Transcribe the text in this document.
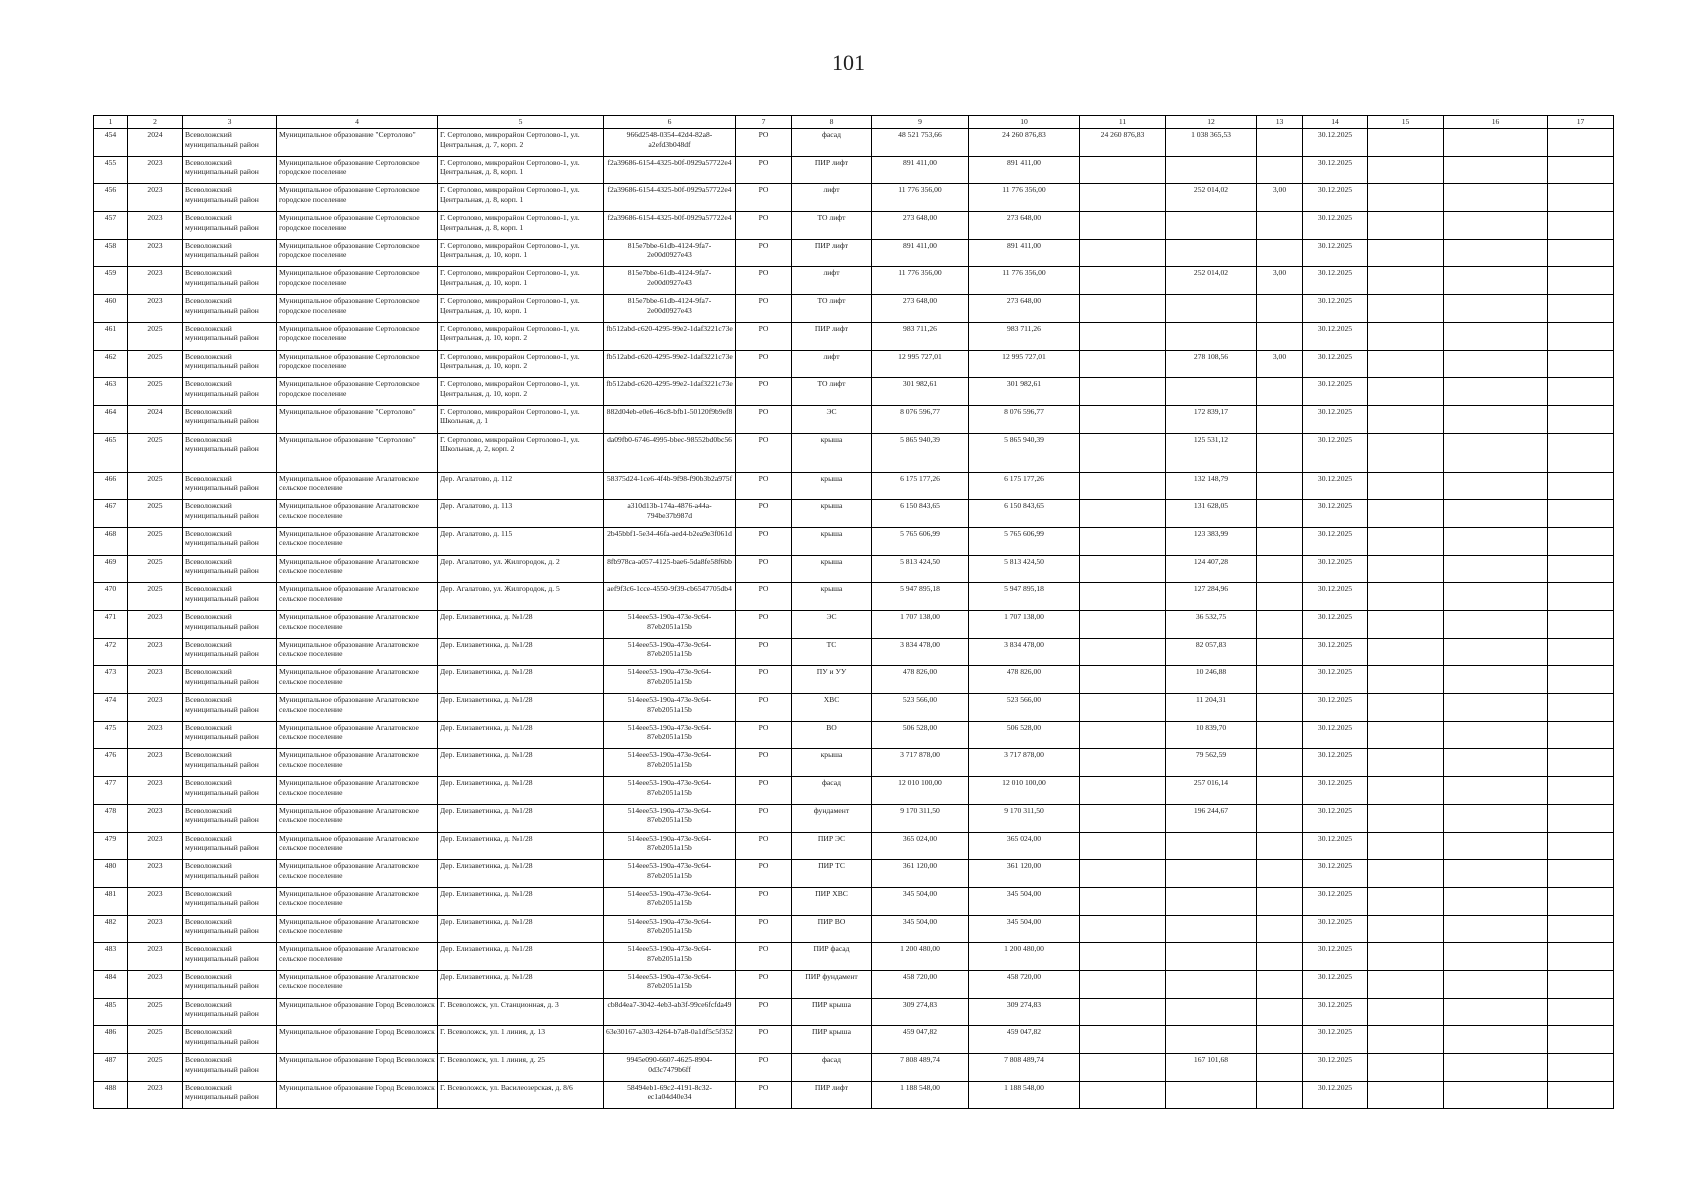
101
1	2	3	4	5	6	7	8	9	10	11	12	13	14	15	16	17
454	2024	Всеволожский муниципальный район	Муниципальное образование "Сертолово"	Г. Сертолово, микрорайон Сертолово-1, ул. Центральная, д. 7, корп. 2	966d2548-0354-42d4-82a8-a2efd3b048df	РО	фасад	48 521 753,66	24 260 876,83	24 260 876,83	1 038 365,53		30.12.2025			
455	2023	Всеволожский муниципальный район	Муниципальное образование Сертоловское городское поселение	Г. Сертолово, микрорайон Сертолово-1, ул. Центральная, д. 8, корп. 1	f2a39686-6154-4325-b0f-0929a57722e4	РО	ПИР лифт	891 411,00	891 411,00				30.12.2025			
456	2023	Всеволожский муниципальный район	Муниципальное образование Сертоловское городское поселение	Г. Сертолово, микрорайон Сертолово-1, ул. Центральная, д. 8, корп. 1	f2a39686-6154-4325-b0f-0929a57722e4	РО	лифт	11 776 356,00	11 776 356,00		252 014,02	3,00	30.12.2025			
457	2023	Всеволожский муниципальный район	Муниципальное образование Сертоловское городское поселение	Г. Сертолово, микрорайон Сертолово-1, ул. Центральная, д. 8, корп. 1	f2a39686-6154-4325-b0f-0929a57722e4	РО	ТО лифт	273 648,00	273 648,00				30.12.2025			
458	2023	Всеволожский муниципальный район	Муниципальное образование Сертоловское городское поселение	Г. Сертолово, микрорайон Сертолово-1, ул. Центральная, д. 10, корп. 1	815e7bbe-61db-4124-9fa7-2e00d0927e43	РО	ПИР лифт	891 411,00	891 411,00				30.12.2025			
459	2023	Всеволожский муниципальный район	Муниципальное образование Сертоловское городское поселение	Г. Сертолово, микрорайон Сертолово-1, ул. Центральная, д. 10, корп. 1	815e7bbe-61db-4124-9fa7-2e00d0927e43	РО	лифт	11 776 356,00	11 776 356,00		252 014,02	3,00	30.12.2025			
460	2023	Всеволожский муниципальный район	Муниципальное образование Сертоловское городское поселение	Г. Сертолово, микрорайон Сертолово-1, ул. Центральная, д. 10, корп. 1	815e7bbe-61db-4124-9fa7-2e00d0927e43	РО	ТО лифт	273 648,00	273 648,00				30.12.2025			
461	2025	Всеволожский муниципальный район	Муниципальное образование Сертоловское городское поселение	Г. Сертолово, микрорайон Сертолово-1, ул. Центральная, д. 10, корп. 2	fb512abd-c620-4295-99e2-1daf3221c73e	РО	ПИР лифт	983 711,26	983 711,26				30.12.2025			
462	2025	Всеволожский муниципальный район	Муниципальное образование Сертоловское городское поселение	Г. Сертолово, микрорайон Сертолово-1, ул. Центральная, д. 10, корп. 2	fb512abd-c620-4295-99e2-1daf3221c73e	РО	лифт	12 995 727,01	12 995 727,01		278 108,56	3,00	30.12.2025			
463	2025	Всеволожский муниципальный район	Муниципальное образование Сертоловское городское поселение	Г. Сертолово, микрорайон Сертолово-1, ул. Центральная, д. 10, корп. 2	fb512abd-c620-4295-99e2-1daf3221c73e	РО	ТО лифт	301 982,61	301 982,61				30.12.2025			
464	2024	Всеволожский муниципальный район	Муниципальное образование "Сертолово"	Г. Сертолово, микрорайон Сертолово-1, ул. Школьная, д. 1	882d04eb-e0e6-46c8-bfb1-50120f9b9ef8	РО	ЭС	8 076 596,77	8 076 596,77		172 839,17		30.12.2025			
465	2025	Всеволожский муниципальный район	Муниципальное образование "Сертолово"	Г. Сертолово, микрорайон Сертолово-1, ул. Школьная, д. 2, корп. 2	da09fb0-6746-4995-bbec-98552bd0bc56	РО	крыша	5 865 940,39	5 865 940,39		125 531,12		30.12.2025			
466	2025	Всеволожский муниципальный район	Муниципальное образование Агалатовское сельское поселение	Дер. Агалатово, д. 112	58375d24-1ce6-4f4b-9f98-f90b3b2a975f	РО	крыша	6 175 177,26	6 175 177,26		132 148,79		30.12.2025			
467	2025	Всеволожский муниципальный район	Муниципальное образование Агалатовское сельское поселение	Дер. Агалатово, д. 113	a310d13b-174a-4876-a44a-794be37b987d	РО	крыша	6 150 843,65	6 150 843,65		131 628,05		30.12.2025			
468	2025	Всеволожский муниципальный район	Муниципальное образование Агалатовское сельское поселение	Дер. Агалатово, д. 115	2b45bbf1-5e34-46fa-aed4-b2ea9e3f061d	РО	крыша	5 765 606,99	5 765 606,99		123 383,99		30.12.2025			
469	2025	Всеволожский муниципальный район	Муниципальное образование Агалатовское сельское поселение	Дер. Агалатово, ул. Жилгородок, д. 2	8fb978ca-a057-4125-bae6-5da8fe58f6bb	РО	крыша	5 813 424,50	5 813 424,50		124 407,28		30.12.2025			
470	2025	Всеволожский муниципальный район	Муниципальное образование Агалатовское сельское поселение	Дер. Агалатово, ул. Жилгородок, д. 5	aef9f3c6-1cce-4550-9f39-cb6547705db4	РО	крыша	5 947 895,18	5 947 895,18		127 284,96		30.12.2025			
471	2023	Всеволожский муниципальный район	Муниципальное образование Агалатовское сельское поселение	Дер. Елизаветинка, д. №1/28	514eee53-190a-473e-9c64-87eb2051a15b	РО	ЭС	1 707 138,00	1 707 138,00		36 532,75		30.12.2025			
472	2023	Всеволожский муниципальный район	Муниципальное образование Агалатовское сельское поселение	Дер. Елизаветинка, д. №1/28	514eee53-190a-473e-9c64-87eb2051a15b	РО	ТС	3 834 478,00	3 834 478,00		82 057,83		30.12.2025			
473	2023	Всеволожский муниципальный район	Муниципальное образование Агалатовское сельское поселение	Дер. Елизаветинка, д. №1/28	514eee53-190a-473e-9c64-87eb2051a15b	РО	ПУ и УУ	478 826,00	478 826,00		10 246,88		30.12.2025			
474	2023	Всеволожский муниципальный район	Муниципальное образование Агалатовское сельское поселение	Дер. Елизаветинка, д. №1/28	514eee53-190a-473e-9c64-87eb2051a15b	РО	ХВС	523 566,00	523 566,00		11 204,31		30.12.2025			
475	2023	Всеволожский муниципальный район	Муниципальное образование Агалатовское сельское поселение	Дер. Елизаветинка, д. №1/28	514eee53-190a-473e-9c64-87eb2051a15b	РО	ВО	506 528,00	506 528,00		10 839,70		30.12.2025			
476	2023	Всеволожский муниципальный район	Муниципальное образование Агалатовское сельское поселение	Дер. Елизаветинка, д. №1/28	514eee53-190a-473e-9c64-87eb2051a15b	РО	крыша	3 717 878,00	3 717 878,00		79 562,59		30.12.2025			
477	2023	Всеволожский муниципальный район	Муниципальное образование Агалатовское сельское поселение	Дер. Елизаветинка, д. №1/28	514eee53-190a-473e-9c64-87eb2051a15b	РО	фасад	12 010 100,00	12 010 100,00		257 016,14		30.12.2025			
478	2023	Всеволожский муниципальный район	Муниципальное образование Агалатовское сельское поселение	Дер. Елизаветинка, д. №1/28	514eee53-190a-473e-9c64-87eb2051a15b	РО	фундамент	9 170 311,50	9 170 311,50		196 244,67		30.12.2025			
479	2023	Всеволожский муниципальный район	Муниципальное образование Агалатовское сельское поселение	Дер. Елизаветинка, д. №1/28	514eee53-190a-473e-9c64-87eb2051a15b	РО	ПИР ЭС	365 024,00	365 024,00				30.12.2025			
480	2023	Всеволожский муниципальный район	Муниципальное образование Агалатовское сельское поселение	Дер. Елизаветинка, д. №1/28	514eee53-190a-473e-9c64-87eb2051a15b	РО	ПИР ТС	361 120,00	361 120,00				30.12.2025			
481	2023	Всеволожский муниципальный район	Муниципальное образование Агалатовское сельское поселение	Дер. Елизаветинка, д. №1/28	514eee53-190a-473e-9c64-87eb2051a15b	РО	ПИР ХВС	345 504,00	345 504,00				30.12.2025			
482	2023	Всеволожский муниципальный район	Муниципальное образование Агалатовское сельское поселение	Дер. Елизаветинка, д. №1/28	514eee53-190a-473e-9c64-87eb2051a15b	РО	ПИР ВО	345 504,00	345 504,00				30.12.2025			
483	2023	Всеволожский муниципальный район	Муниципальное образование Агалатовское сельское поселение	Дер. Елизаветинка, д. №1/28	514eee53-190a-473e-9c64-87eb2051a15b	РО	ПИР фасад	1 200 480,00	1 200 480,00				30.12.2025			
484	2023	Всеволожский муниципальный район	Муниципальное образование Агалатовское сельское поселение	Дер. Елизаветинка, д. №1/28	514eee53-190a-473e-9c64-87eb2051a15b	РО	ПИР фундамент	458 720,00	458 720,00				30.12.2025			
485	2025	Всеволожский муниципальный район	Муниципальное образование Город Всеволожск	Г. Всеволожск, ул. Станционная, д. 3	cb8d4ea7-3042-4eb3-ab3f-99ce6fcfda49	РО	ПИР крыша	309 274,83	309 274,83				30.12.2025			
486	2025	Всеволожский муниципальный район	Муниципальное образование Город Всеволожск	Г. Всеволожск, ул. 1 линия, д. 13	63e30167-a303-4264-b7a8-0a1df5c5f352	РО	ПИР крыша	459 047,82	459 047,82				30.12.2025			
487	2025	Всеволожский муниципальный район	Муниципальное образование Город Всеволожск	Г. Всеволожск, ул. 1 линия, д. 25	9945e090-6607-4625-8904-0d3c7479b6ff	РО	фасад	7 808 489,74	7 808 489,74		167 101,68		30.12.2025			
488	2023	Всеволожский муниципальный район	Муниципальное образование Город Всеволожск	Г. Всеволожск, ул. Василеозерская, д. 8/6	58494eb1-69c2-4191-8c32-ec1a04d40e34	РО	ПИР лифт	1 188 548,00	1 188 548,00				30.12.2025			
